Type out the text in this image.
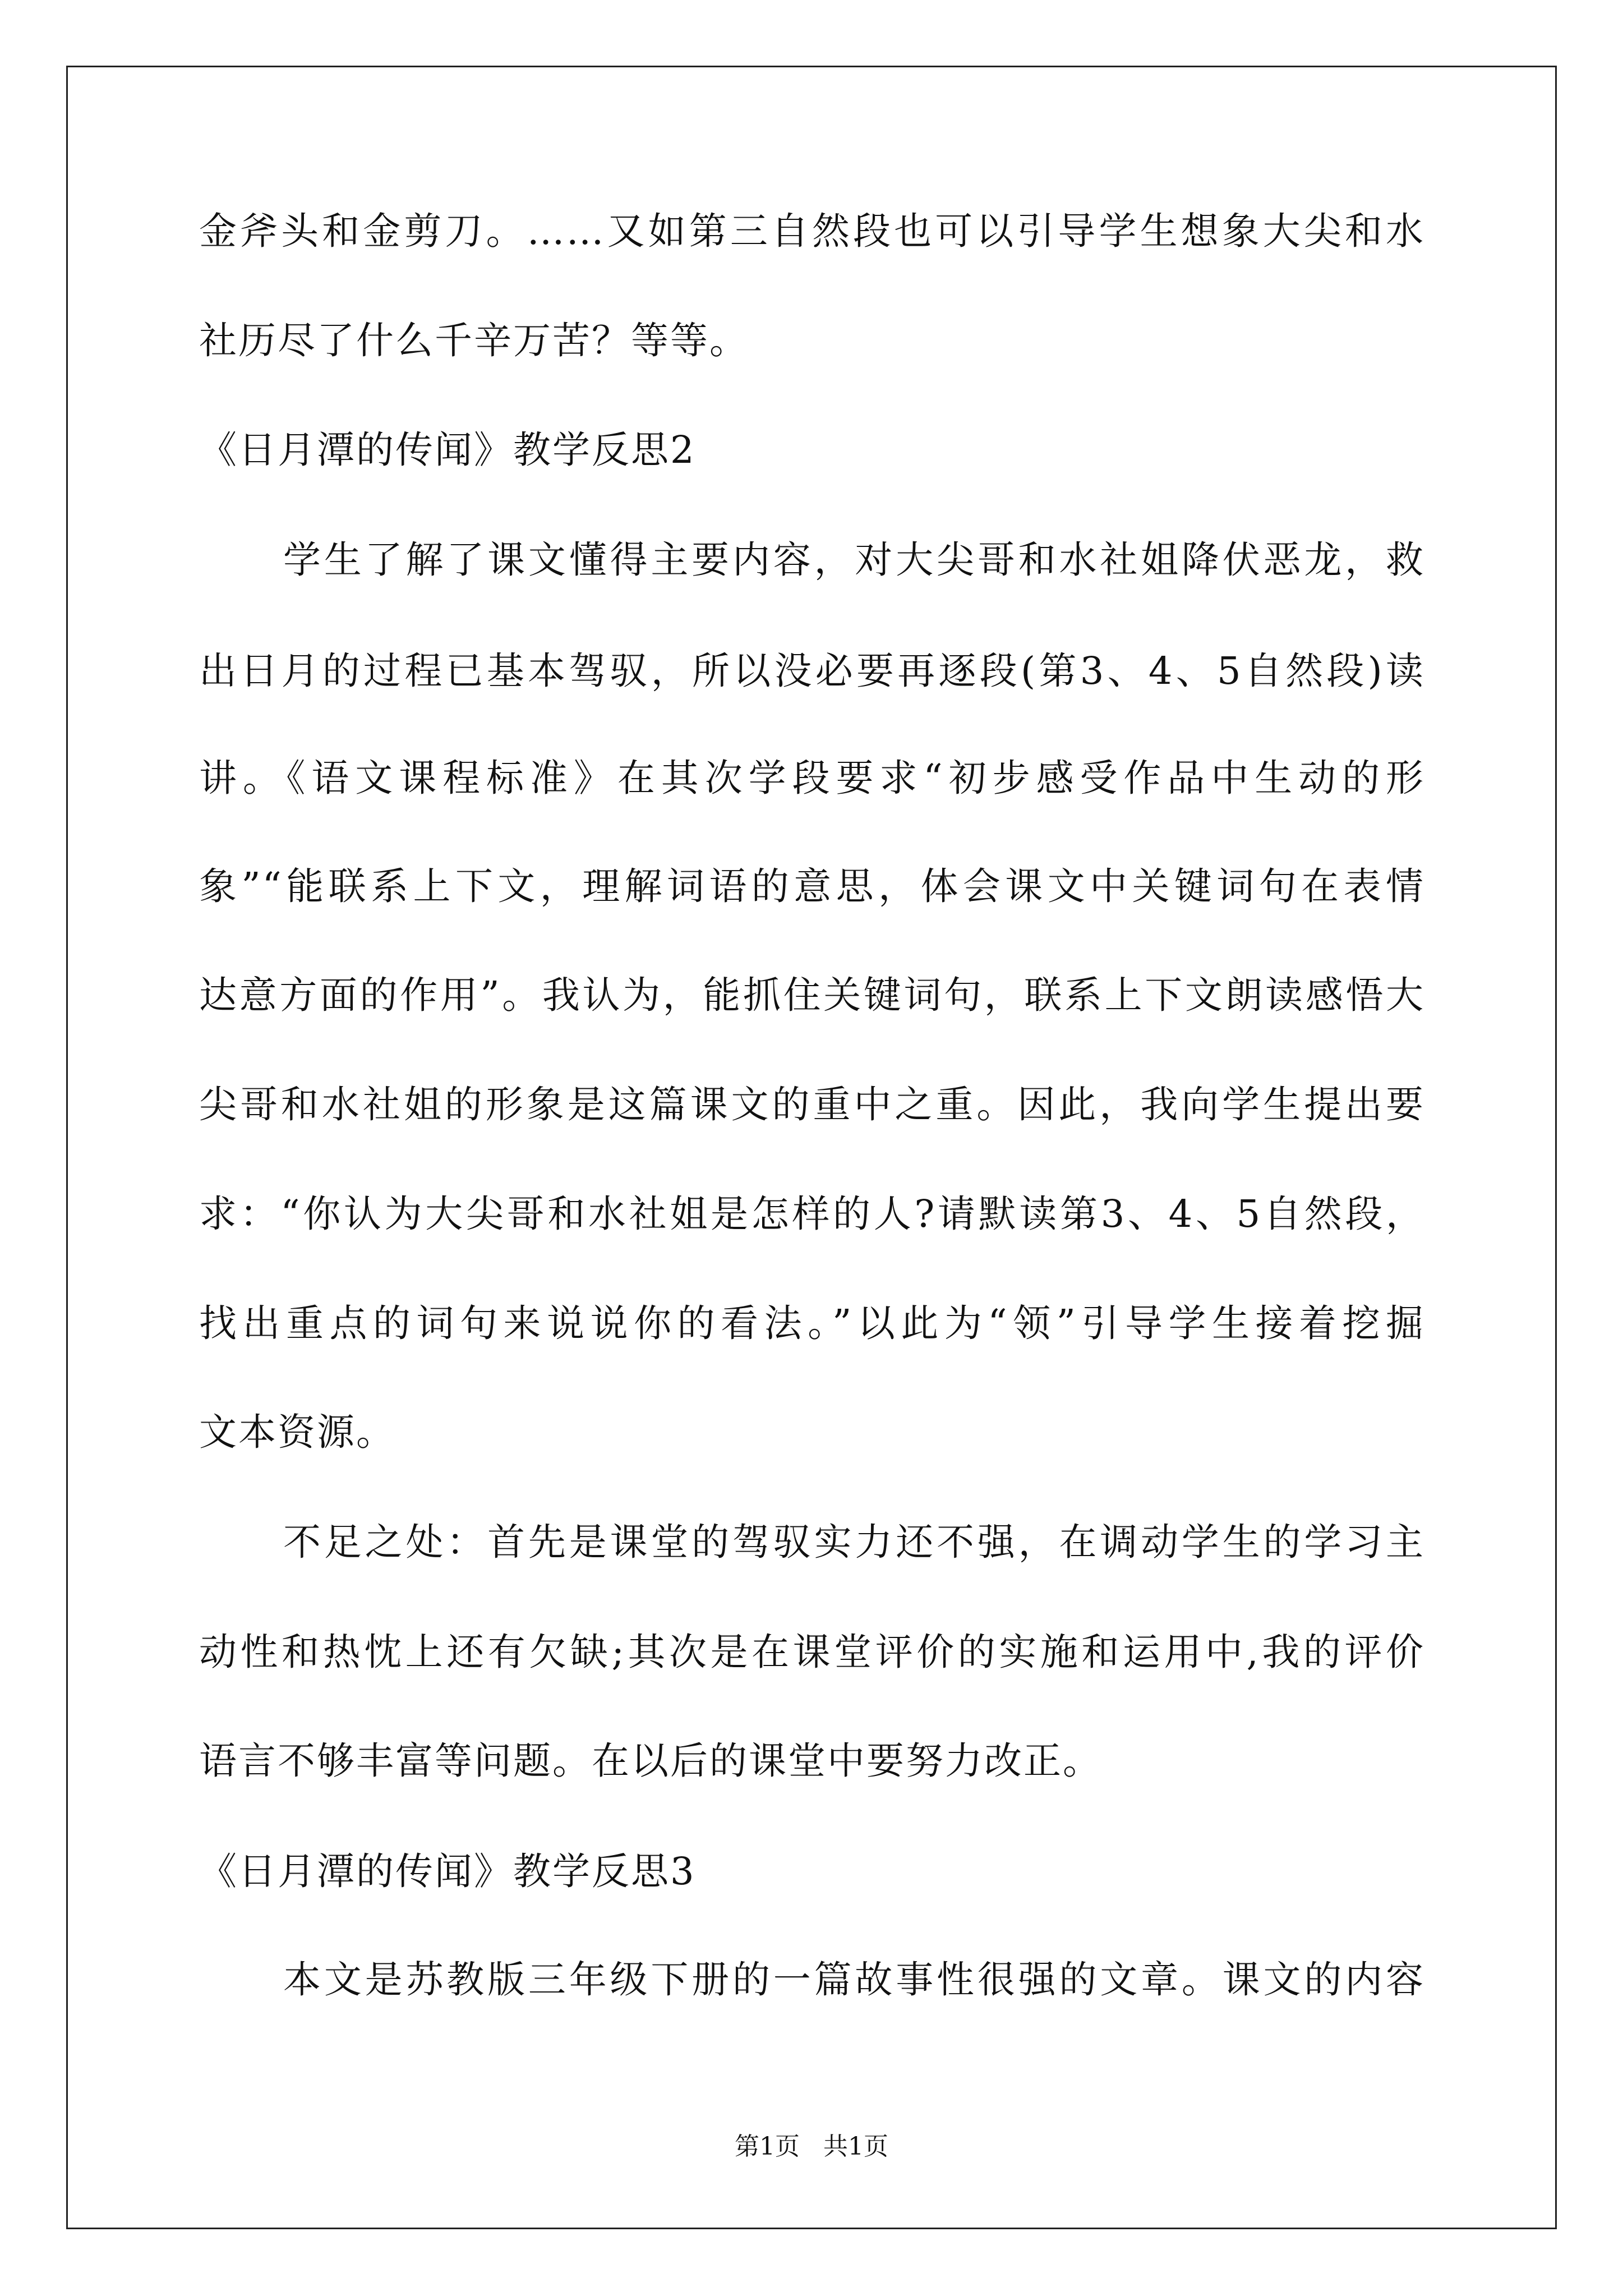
金斧头和金剪刀。……又如第三自然段也可以引导学生想象大尖和水
社历尽了什么千辛万苦？等等。
《日月潭的传闻》教学反思2
学生了解了课文懂得主要内容，对大尖哥和水社姐降伏恶龙，救
出日月的过程已基本驾驭，所以没必要再逐段(第3、4、5自然段)读
讲。《语文课程标准》在其次学段要求“初步感受作品中生动的形
象”“能联系上下文，理解词语的意思，体会课文中关键词句在表情
达意方面的作用”。我认为，能抓住关键词句，联系上下文朗读感悟大
尖哥和水社姐的形象是这篇课文的重中之重。因此，我向学生提出要
求：“你认为大尖哥和水社姐是怎样的人?请默读第3、4、5自然段，
找出重点的词句来说说你的看法。”以此为“领”引导学生接着挖掘
文本资源。
不足之处：首先是课堂的驾驭实力还不强，在调动学生的学习主
动性和热忱上还有欠缺;其次是在课堂评价的实施和运用中,我的评价
语言不够丰富等问题。在以后的课堂中要努力改正。
《日月潭的传闻》教学反思3
本文是苏教版三年级下册的一篇故事性很强的文章。课文的内容
第1页   共1页
